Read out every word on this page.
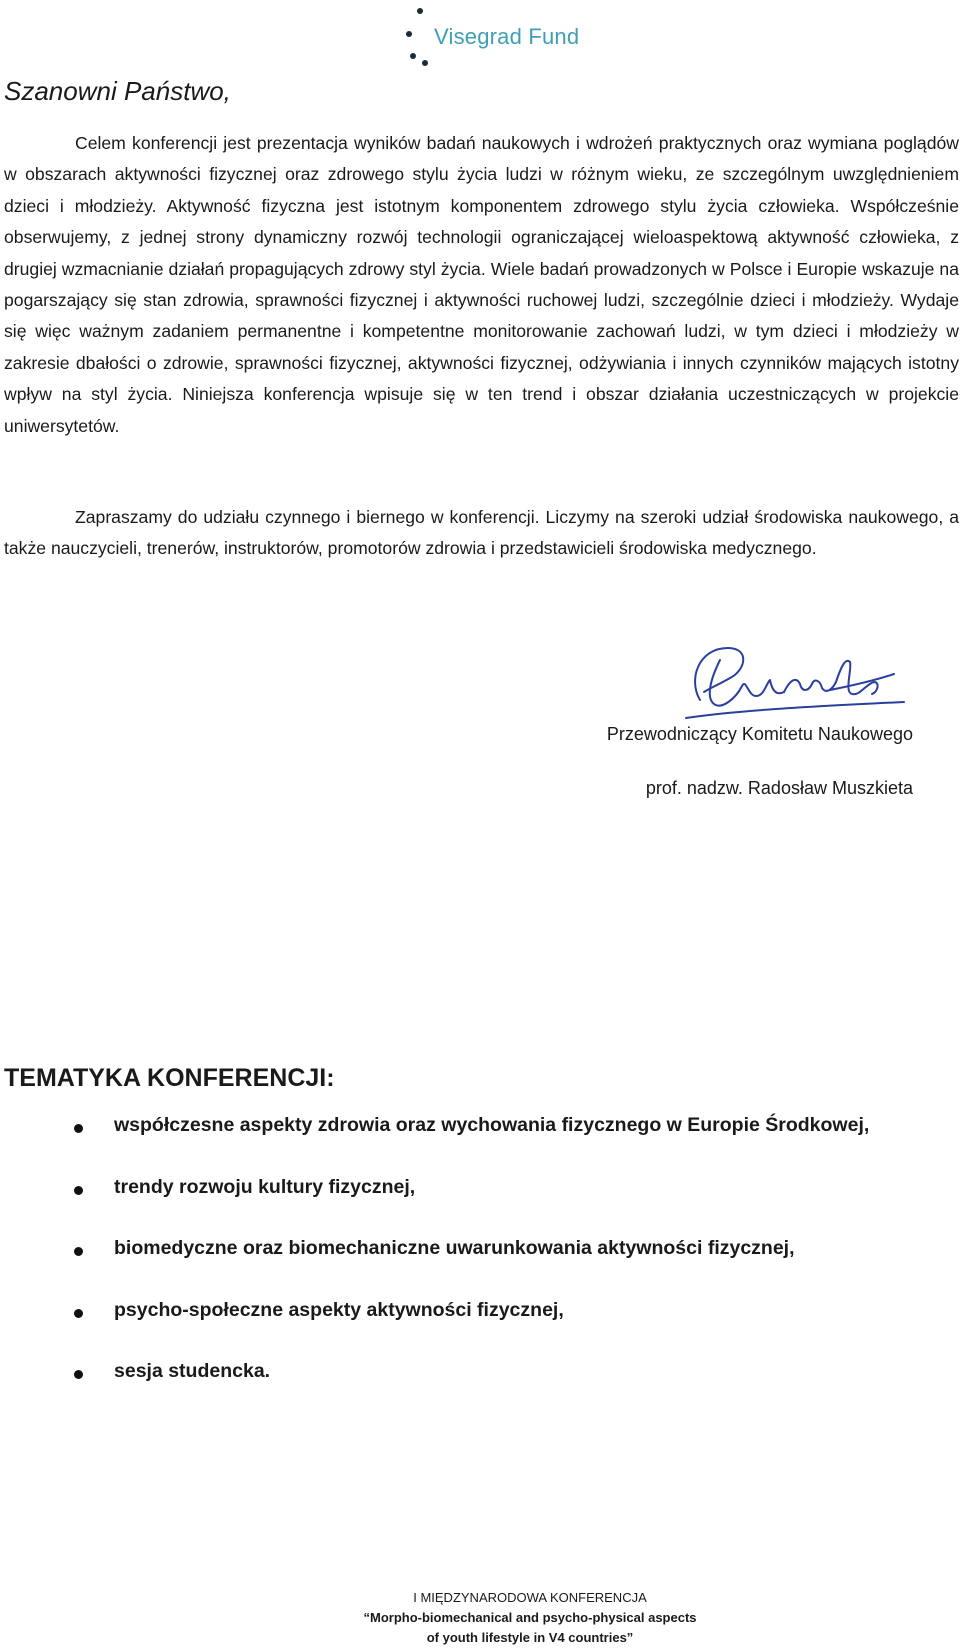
Visegrad Fund
Szanowni Państwo,

Celem konferencji jest prezentacja wyników badań naukowych i wdrożeń praktycznych oraz wymiana poglądów w obszarach aktywności fizycznej oraz zdrowego stylu życia ludzi w różnym wieku, ze szczególnym uwzględnieniem dzieci i młodzieży. Aktywność fizyczna jest istotnym komponentem zdrowego stylu życia człowieka. Współcześnie obserwujemy, z jednej strony dynamiczny rozwój technologii ograniczającej wieloaspektową aktywność człowieka, z drugiej wzmacnianie działań propagujących zdrowy styl życia. Wiele badań prowadzonych w Polsce i Europie wskazuje na pogarszający się stan zdrowia, sprawności fizycznej i aktywności ruchowej ludzi, szczególnie dzieci i młodzieży. Wydaje się więc ważnym zadaniem permanentne i kompetentne monitorowanie zachowań ludzi, w tym dzieci i młodzieży w zakresie dbałości o zdrowie, sprawności fizycznej, aktywności fizycznej, odżywiania i innych czynników mających istotny wpływ na styl życia. Niniejsza konferencja wpisuje się w ten trend i obszar działania uczestniczących w projekcie uniwersytetów.

Zapraszamy do udziału czynnego i biernego w konferencji. Liczymy na szeroki udział środowiska naukowego, a także nauczycieli, trenerów, instruktorów, promotorów zdrowia i przedstawicieli środowiska medycznego.

Przewodniczący Komitetu Naukowego
prof. nadzw. Radosław Muszkieta
TEMATYKA KONFERENCJI:
współczesne aspekty zdrowia oraz wychowania fizycznego w Europie Środkowej,
trendy rozwoju kultury fizycznej,
biomedyczne oraz biomechaniczne uwarunkowania aktywności fizycznej,
psycho-społeczne aspekty aktywności fizycznej,
sesja studencka.
I MIĘDZYNARODOWA KONFERENCJA
“Morpho-biomechanical and psycho-physical aspects
of youth lifestyle in V4 countries”
